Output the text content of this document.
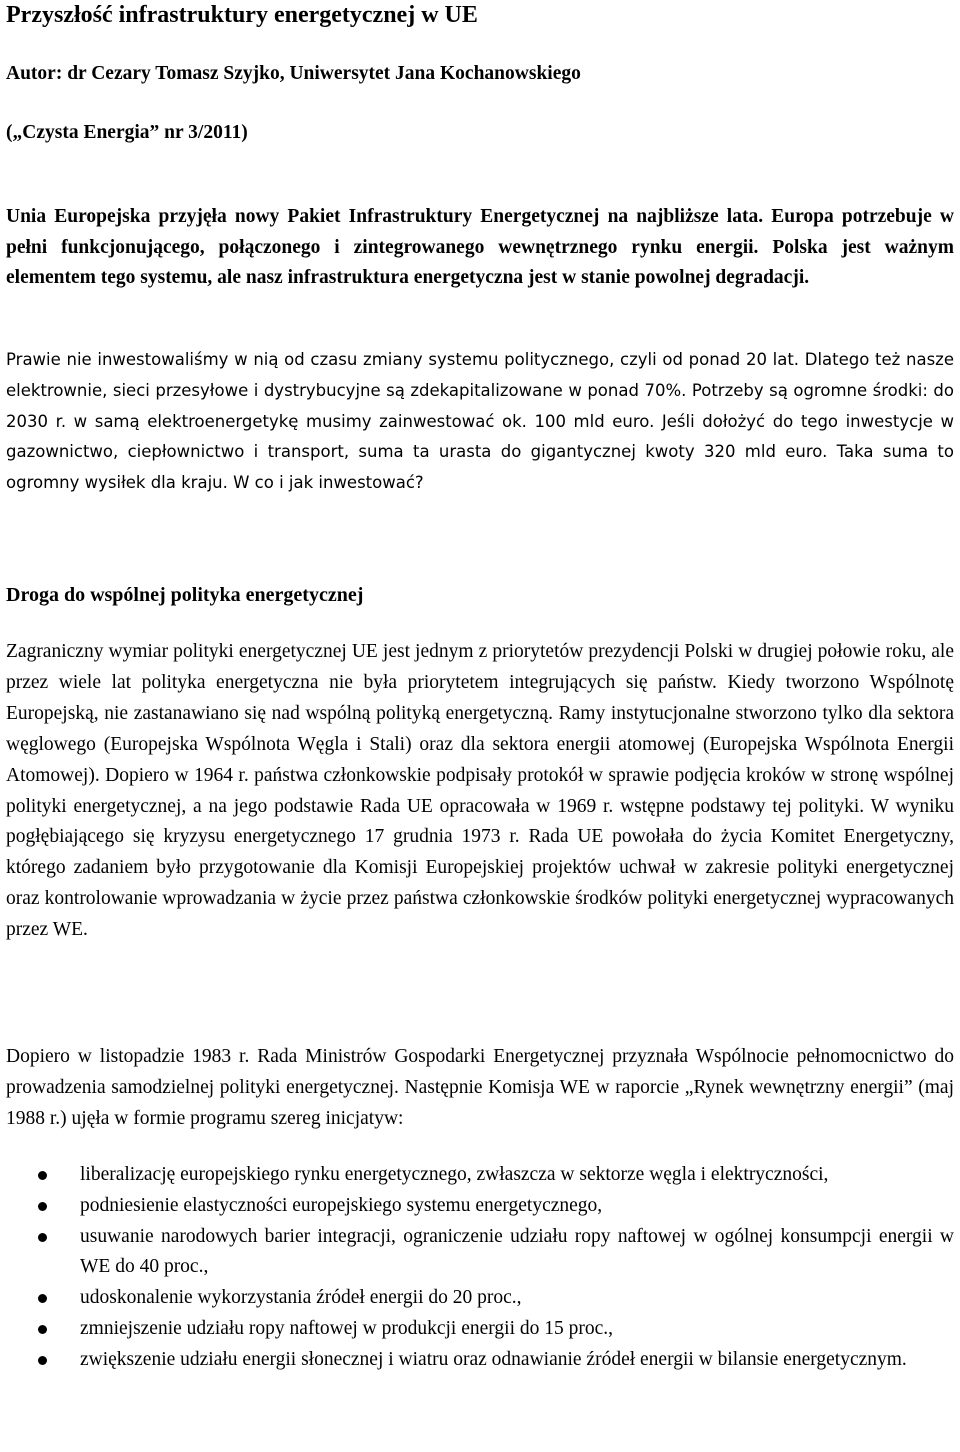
Przyszłość infrastruktury energetycznej w UE

Autor: dr Cezary Tomasz Szyjko, Uniwersytet Jana Kochanowskiego

(„Czysta Energia” nr 3/2011)

Unia Europejska przyjęła nowy Pakiet Infrastruktury Energetycznej na najbliższe lata. Europa potrzebuje w pełni funkcjonującego, połączonego i zintegrowanego wewnętrznego rynku energii. Polska jest ważnym elementem tego systemu, ale nasz infrastruktura energetyczna jest w stanie powolnej degradacji.

Prawie nie inwestowaliśmy w nią od czasu zmiany systemu politycznego, czyli od ponad 20 lat. Dlatego też nasze elektrownie, sieci przesyłowe i dystrybucyjne są zdekapitalizowane w ponad 70%. Potrzeby są ogromne środki: do 2030 r. w samą elektroenergetykę musimy zainwestować ok. 100 mld euro. Jeśli dołożyć do tego inwestycje w gazownictwo, ciepłownictwo i transport, suma ta urasta do gigantycznej kwoty 320 mld euro. Taka suma to ogromny wysiłek dla kraju. W co i jak inwestować?

Droga do wspólnej polityka energetycznej

Zagraniczny wymiar polityki energetycznej UE jest jednym z priorytetów prezydencji Polski w drugiej połowie roku, ale przez wiele lat polityka energetyczna nie była priorytetem integrujących się państw. Kiedy tworzono Wspólnotę Europejską, nie zastanawiano się nad wspólną polityką energetyczną. Ramy instytucjonalne stworzono tylko dla sektora węglowego (Europejska Wspólnota Węgla i Stali) oraz dla sektora energii atomowej (Europejska Wspólnota Energii Atomowej). Dopiero w 1964 r. państwa członkowskie podpisały protokół w sprawie podjęcia kroków w stronę wspólnej polityki energetycznej, a na jego podstawie Rada UE opracowała w 1969 r. wstępne podstawy tej polityki. W wyniku pogłębiającego się kryzysu energetycznego 17 grudnia 1973 r. Rada UE powołała do życia Komitet Energetyczny, którego zadaniem było przygotowanie dla Komisji Europejskiej projektów uchwał w zakresie polityki energetycznej oraz kontrolowanie wprowadzania w życie przez państwa członkowskie środków polityki energetycznej wypracowanych przez WE.

Dopiero w listopadzie 1983 r. Rada Ministrów Gospodarki Energetycznej przyznała Wspólnocie pełnomocnictwo do prowadzenia samodzielnej polityki energetycznej. Następnie Komisja WE w raporcie „Rynek wewnętrzny energii” (maj 1988 r.) ujęła w formie programu szereg inicjatyw:

liberalizację europejskiego rynku energetycznego, zwłaszcza w sektorze węgla i elektryczności,
podniesienie elastyczności europejskiego systemu energetycznego,
usuwanie narodowych barier integracji, ograniczenie udziału ropy naftowej w ogólnej konsumpcji energii w WE do 40 proc.,
udoskonalenie wykorzystania źródeł energii do 20 proc.,
zmniejszenie udziału ropy naftowej w produkcji energii do 15 proc.,
zwiększenie udziału energii słonecznej i wiatru oraz odnawianie źródeł energii w bilansie energetycznym.
